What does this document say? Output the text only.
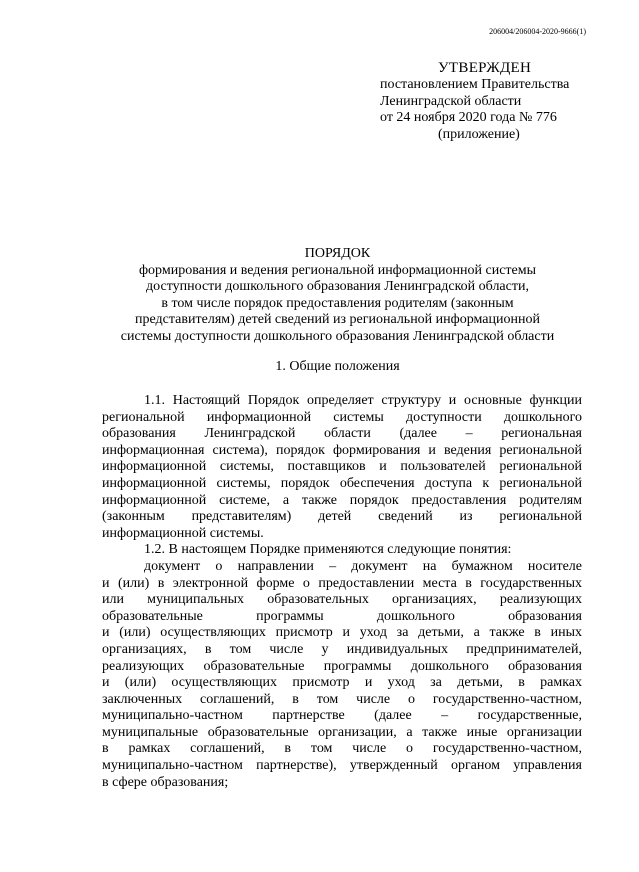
206004/206004-2020-9666(1)
УТВЕРЖДЕН
постановлением Правительства
Ленинградской области
от 24 ноября 2020 года № 776
(приложение)
ПОРЯДОК
формирования и ведения региональной информационной системы
доступности дошкольного образования Ленинградской области,
в том числе порядок предоставления родителям (законным
представителям) детей сведений из региональной информационной
системы доступности дошкольного образования Ленинградской области
1. Общие положения
1.1. Настоящий Порядок определяет структуру и основные функции
региональной информационной системы доступности дошкольного
образования Ленинградской области (далее – региональная
информационная система), порядок формирования и ведения региональной
информационной системы, поставщиков и пользователей региональной
информационной системы, порядок обеспечения доступа к региональной
информационной системе, а также порядок предоставления родителям
(законным представителям) детей сведений из региональной
информационной системы.
1.2. В настоящем Порядке применяются следующие понятия:
документ о направлении – документ на бумажном носителе
и (или) в электронной форме о предоставлении места в государственных
или муниципальных образовательных организациях, реализующих
образовательные программы дошкольного образования
и (или) осуществляющих присмотр и уход за детьми, а также в иных
организациях, в том числе у индивидуальных предпринимателей,
реализующих образовательные программы дошкольного образования
и (или) осуществляющих присмотр и уход за детьми, в рамках
заключенных соглашений, в том числе о государственно-частном,
муниципально-частном партнерстве (далее – государственные,
муниципальные образовательные организации, а также иные организации
в рамках соглашений, в том числе о государственно-частном,
муниципально-частном партнерстве), утвержденный органом управления
в сфере образования;
